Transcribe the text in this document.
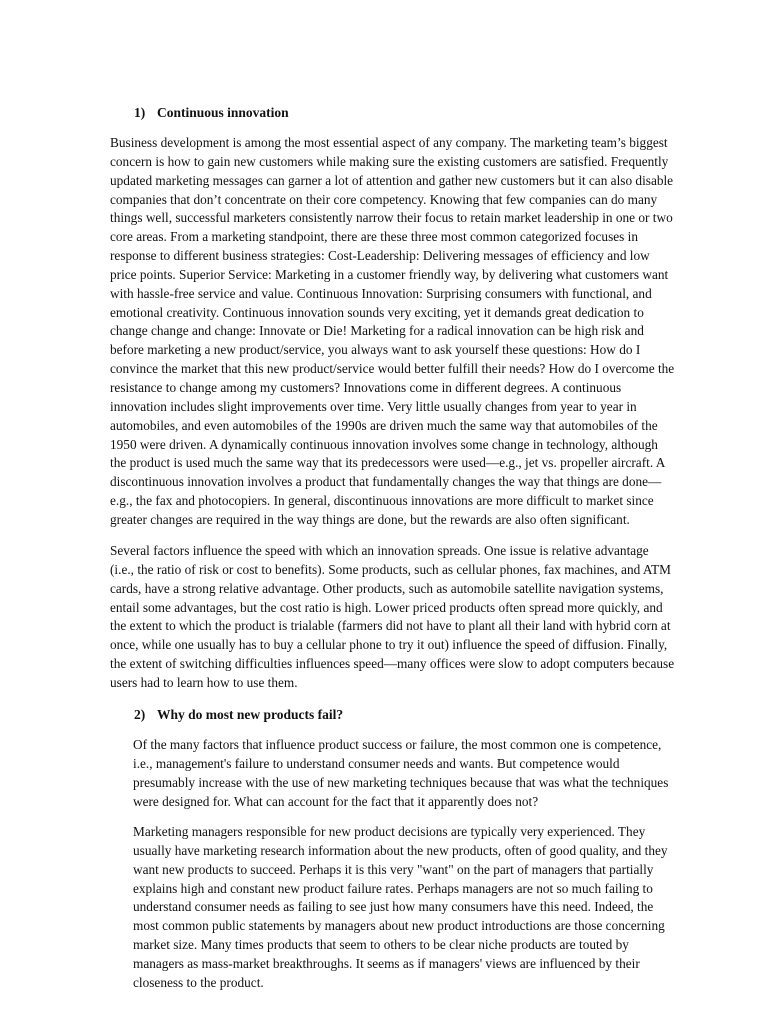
1) Continuous innovation
Business development is among the most essential aspect of any company. The marketing team’s biggest
concern is how to gain new customers while making sure the existing customers are satisfied. Frequently
updated marketing messages can garner a lot of attention and gather new customers but it can also disable
companies that don’t concentrate on their core competency. Knowing that few companies can do many
things well, successful marketers consistently narrow their focus to retain market leadership in one or two
core areas. From a marketing standpoint, there are these three most common categorized focuses in
response to different business strategies: Cost-Leadership: Delivering messages of efficiency and low
price points. Superior Service: Marketing in a customer friendly way, by delivering what customers want
with hassle-free service and value. Continuous Innovation: Surprising consumers with functional, and
emotional creativity. Continuous innovation sounds very exciting, yet it demands great dedication to
change change and change: Innovate or Die! Marketing for a radical innovation can be high risk and
before marketing a new product/service, you always want to ask yourself these questions: How do I
convince the market that this new product/service would better fulfill their needs? How do I overcome the
resistance to change among my customers? Innovations come in different degrees. A continuous
innovation includes slight improvements over time. Very little usually changes from year to year in
automobiles, and even automobiles of the 1990s are driven much the same way that automobiles of the
1950 were driven. A dynamically continuous innovation involves some change in technology, although
the product is used much the same way that its predecessors were used—e.g., jet vs. propeller aircraft. A
discontinuous innovation involves a product that fundamentally changes the way that things are done—
e.g., the fax and photocopiers. In general, discontinuous innovations are more difficult to market since
greater changes are required in the way things are done, but the rewards are also often significant.
Several factors influence the speed with which an innovation spreads. One issue is relative advantage
(i.e., the ratio of risk or cost to benefits). Some products, such as cellular phones, fax machines, and ATM
cards, have a strong relative advantage. Other products, such as automobile satellite navigation systems,
entail some advantages, but the cost ratio is high. Lower priced products often spread more quickly, and
the extent to which the product is trialable (farmers did not have to plant all their land with hybrid corn at
once, while one usually has to buy a cellular phone to try it out) influence the speed of diffusion. Finally,
the extent of switching difficulties influences speed—many offices were slow to adopt computers because
users had to learn how to use them.
2) Why do most new products fail?
Of the many factors that influence product success or failure, the most common one is competence,
i.e., management's failure to understand consumer needs and wants. But competence would
presumably increase with the use of new marketing techniques because that was what the techniques
were designed for. What can account for the fact that it apparently does not?
Marketing managers responsible for new product decisions are typically very experienced. They
usually have marketing research information about the new products, often of good quality, and they
want new products to succeed. Perhaps it is this very "want" on the part of managers that partially
explains high and constant new product failure rates. Perhaps managers are not so much failing to
understand consumer needs as failing to see just how many consumers have this need. Indeed, the
most common public statements by managers about new product introductions are those concerning
market size. Many times products that seem to others to be clear niche products are touted by
managers as mass-market breakthroughs. It seems as if managers' views are influenced by their
closeness to the product.
